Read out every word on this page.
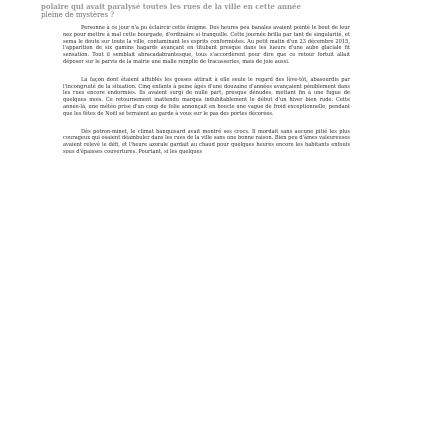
polaire qui avait paralysé toutes les rues de la ville en cette année
pleine de mystères ?

Personne à ce jour n'a pu éclaircir cette énigme. Des heures peu banales avaient pointé le bout de leur nez pour mettre à mal cette bourgade, d'ordinaire si tranquille. Cette journée brilla par tant de singularité, et sema le doute sur toute la ville, contaminant les esprits conformistes. Au petit matin d'un 23 décembre 2015, l'apparition de six gamins hagards avançant en titubant presque dans les lueurs d'une aube glaciale fit sensation. Tout il semblait abracadabrantesque, tous s'accordèrent pour dire que ce retour fortuit allait déposer sur le parvis de la mairie une malle remplie de tracasseries, mais de joie aussi.

La façon dont étaient affublés les gosses attirait à elle seule le regard des lève-tôt, abasourdis par l'incongruité de la situation. Cinq enfants à peine âgés d'une douzaine d'années avançaient péniblement dans les rues encore endormies. Ils avaient surgi de nulle part, presque dénudés, mettant fin à une fugue de quelques mois. Ce retournement inattendu marqua indubitablement le début d'un hiver bien rude. Cette année-là, une météo prise d'un coup de folie annonçait en boucle une vague de froid exceptionnelle, pendant que les fêtes de Noël se terraient au garde à vous sur le pas des portes décorées.

Dès potron-minet, le climat banquisard avait montré ses crocs. Il mordait sans aucune pitié les plus courageux qui osaient déambuler dans les rues de la ville sans une bonne raison. Bien peu d'âmes valeureuses avaient relevé le défi, et l'heure azorale gardait au chaud pour quelques heures encore les habitants enfouis sous d'épaisses couvertures. Pourtant, si les quelques
